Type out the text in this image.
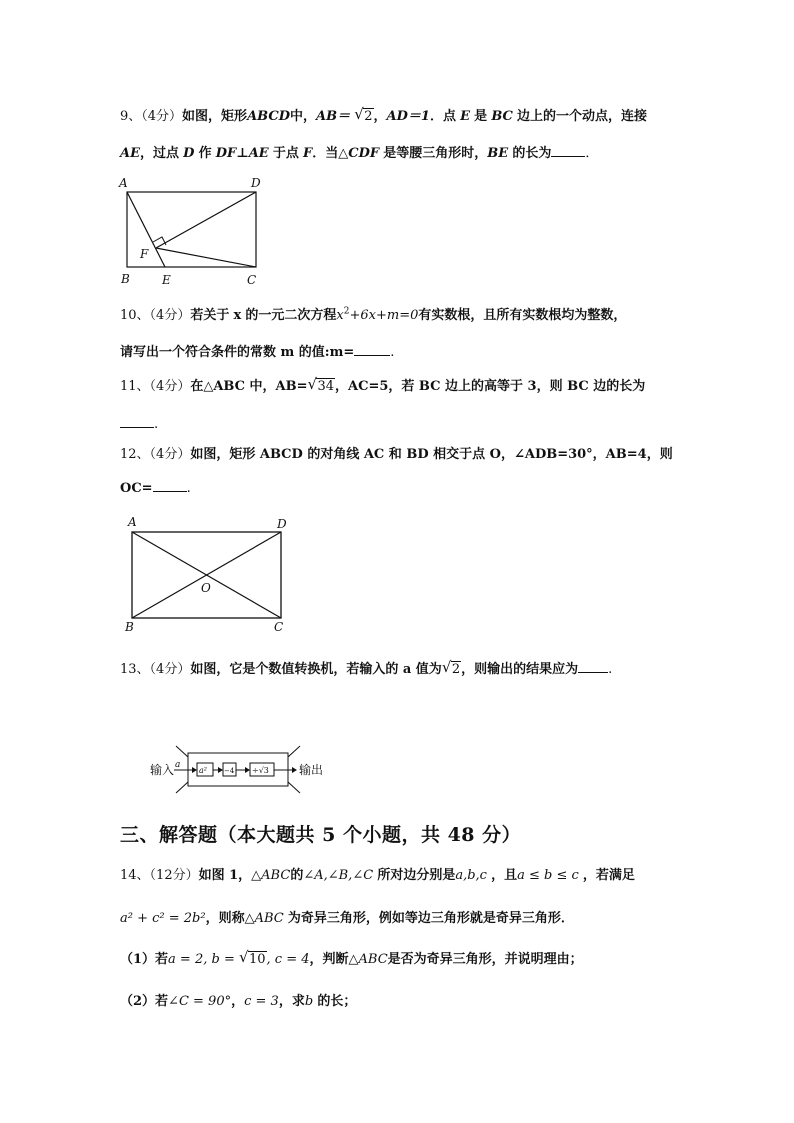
9、（4分）如图，矩形ABCD中，AB＝ √ 2，AD＝1．点 E 是 BC 边上的一个动点，连接
AE，过点 D 作 DF⊥AE 于点 F．当△CDF 是等腰三角形时，BE 的长为	．
A	D
B	C
E
F
10、（4分）若关于 x 的一元二次方程$x^2+6x+m=0$有实数根，且所有实数根均为整数，
请写出一个符合条件的常数 m 的值:m=	.
11、（4分）在△ABC 中，AB= √ 34，AC=5，若 BC 边上的高等于 3，则 BC 边的长为
.
12、（4分）如图，矩形 ABCD 的对角线 AC 和 BD 相交于点 O，∠ADB=30°，AB=4，则
OC=	.
A	D
B	C
O
13、（4分）如图，它是个数值转换机，若输入的 a 值为 √ 2，则输出的结果应为 .
输入 a
a² −4 ÷√3	输出
三、解答题（本大题共 5 个小题，共 48 分）
14、（12分）如图 1，△ABC的∠A,∠B,∠C 所对边分别是a,b,c ，且a ≤ b ≤ c ，若满足
a² + c² = 2b²，则称△ABC 为奇异三角形，例如等边三角形就是奇异三角形．
（1）若a = 2, b = √ 10, c = 4，判断△ABC是否为奇异三角形，并说明理由；
（2）若∠C = 90°，c = 3，求b 的长；
